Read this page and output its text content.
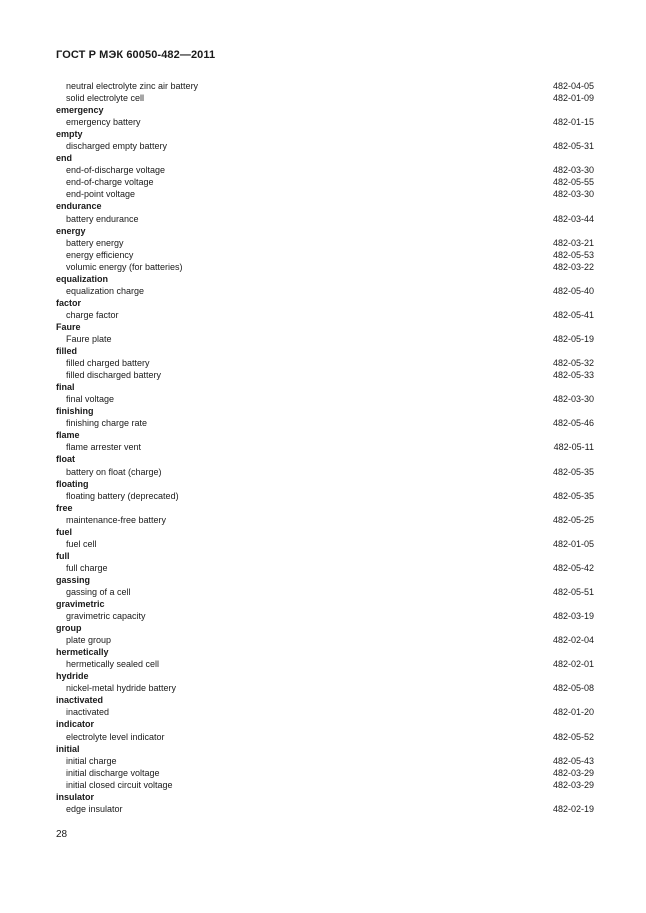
ГОСТ Р МЭК 60050-482—2011
neutral electrolyte zinc air battery	482-04-05
solid electrolyte cell	482-01-09
emergency
emergency battery	482-01-15
empty
discharged empty battery	482-05-31
end
end-of-discharge voltage	482-03-30
end-of-charge voltage	482-05-55
end-point voltage	482-03-30
endurance
battery endurance	482-03-44
energy
battery energy	482-03-21
energy efficiency	482-05-53
volumic energy (for batteries)	482-03-22
equalization
equalization charge	482-05-40
factor
charge factor	482-05-41
Faure
Faure plate	482-05-19
filled
filled charged battery	482-05-32
filled discharged battery	482-05-33
final
final voltage	482-03-30
finishing
finishing charge rate	482-05-46
flame
flame arrester vent	482-05-11
float
battery on float (charge)	482-05-35
floating
floating battery (deprecated)	482-05-35
free
maintenance-free battery	482-05-25
fuel
fuel cell	482-01-05
full
full charge	482-05-42
gassing
gassing of a cell	482-05-51
gravimetric
gravimetric capacity	482-03-19
group
plate group	482-02-04
hermetically
hermetically sealed cell	482-02-01
hydride
nickel-metal hydride battery	482-05-08
inactivated
inactivated	482-01-20
indicator
electrolyte level indicator	482-05-52
initial
initial charge	482-05-43
initial discharge voltage	482-03-29
initial closed circuit voltage	482-03-29
insulator
edge insulator	482-02-19
28
